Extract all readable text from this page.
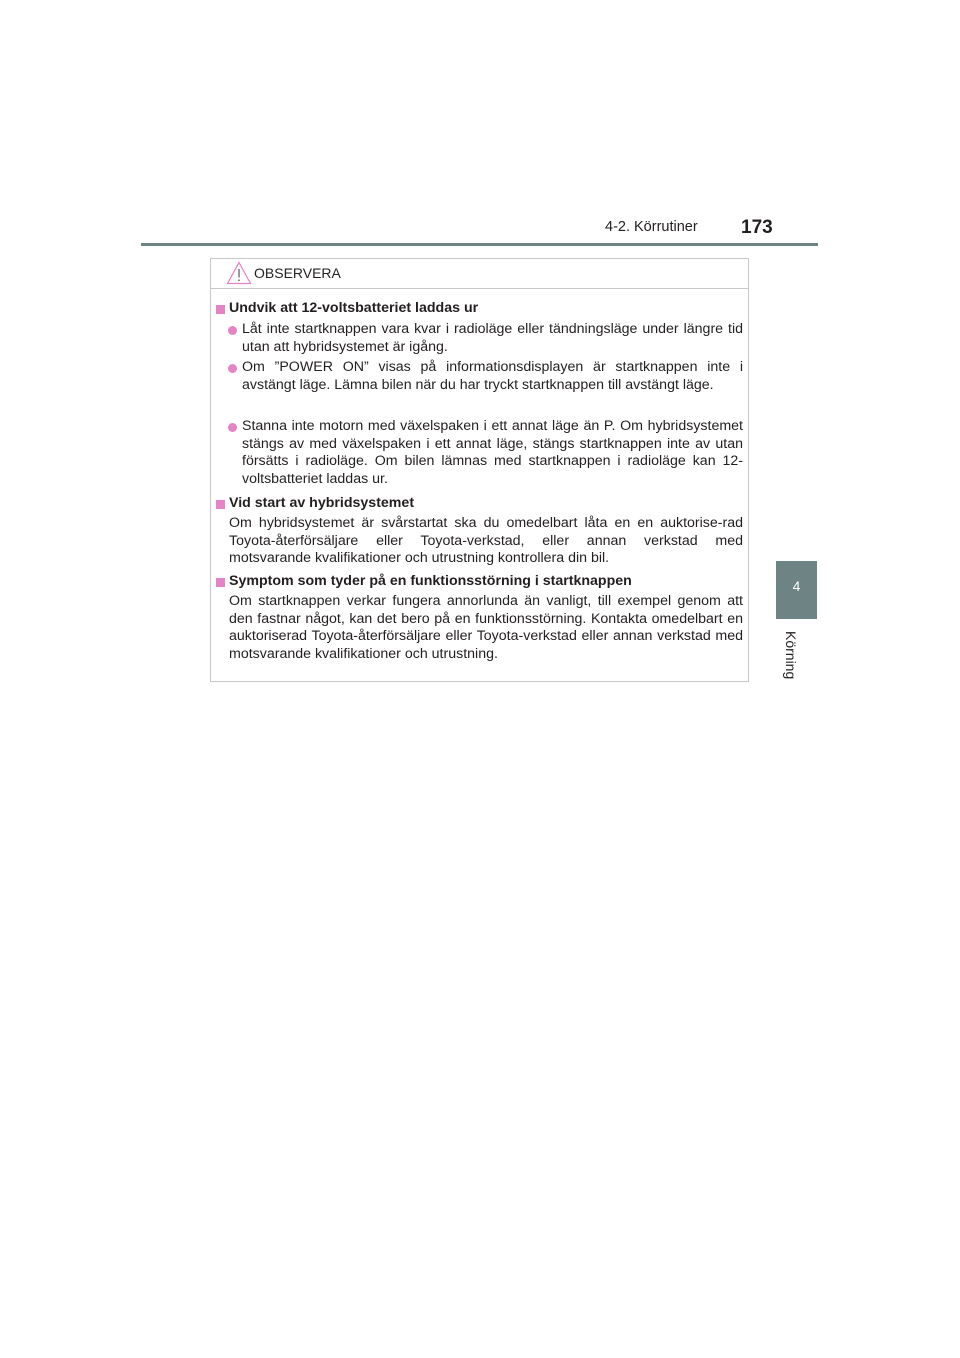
4-2. Körrutiner 173
4
Körning
OBSERVERA
Undvik att 12-voltsbatteriet laddas ur
Låt inte startknappen vara kvar i radioläge eller tändningsläge under längre tid utan att hybridsystemet är igång.
Om ”POWER ON” visas på informationsdisplayen är startknappen inte i avstängt läge. Lämna bilen när du har tryckt startknappen till avstängt läge.
Stanna inte motorn med växelspaken i ett annat läge än P. Om hybridsystemet stängs av med växelspaken i ett annat läge, stängs startknappen inte av utan försätts i radioläge. Om bilen lämnas med startknappen i radioläge kan 12-voltsbatteriet laddas ur.
Vid start av hybridsystemet
Om hybridsystemet är svårstartat ska du omedelbart låta en en auktorise-rad Toyota-återförsäljare eller Toyota-verkstad, eller annan verkstad med motsvarande kvalifikationer och utrustning kontrollera din bil.
Symptom som tyder på en funktionsstörning i startknappen
Om startknappen verkar fungera annorlunda än vanligt, till exempel genom att den fastnar något, kan det bero på en funktionsstörning. Kontakta omedelbart en auktoriserad Toyota-återförsäljare eller Toyota-verkstad eller annan verkstad med motsvarande kvalifikationer och utrustning.
